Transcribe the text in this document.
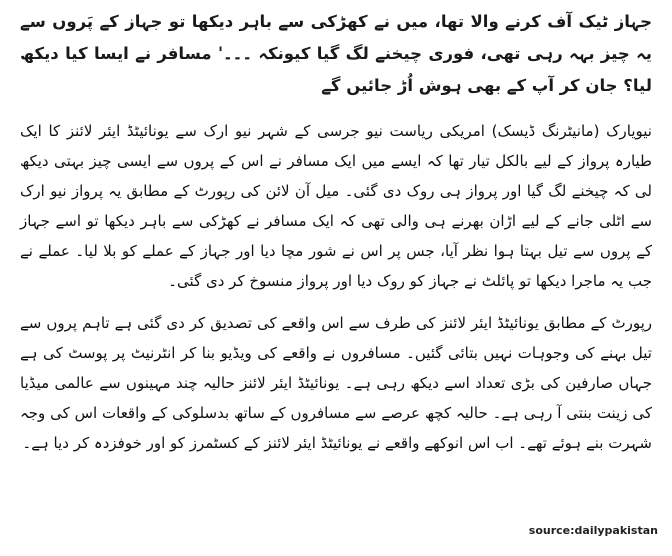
جہاز ٹیک آف کرنے والا تھا، میں نے کھڑکی سے باہر دیکھا تو جہاز کے پَروں سے یہ چیز بہہ رہی تھی، فوری چیخنے لگ گیا کیونکہ ۔۔۔' مسافر نے ایسا کیا دیکھ لیا؟ جان کر آپ کے بھی ہوش اُڑ جائیں گے

نیویارک (مانیٹرنگ ڈیسک) امریکی ریاست نیو جرسی کے شہر نیو ارک سے یونائیٹڈ ایئر لائنز کا ایک طیارہ پرواز کے لیے بالکل تیار تھا کہ ایسے میں ایک مسافر نے اس کے پروں سے ایسی چیز بہتی دیکھ لی کہ چیخنے لگ گیا اور پرواز ہی روک دی گئی۔ میل آن لائن کی رپورٹ کے مطابق یہ پرواز نیو ارک سے اٹلی جانے کے لیے اڑان بھرنے ہی والی تھی کہ ایک مسافر نے کھڑکی سے باہر دیکھا تو اسے جہاز کے پروں سے تیل بہتا ہوا نظر آیا، جس پر اس نے شور مچا دیا اور جہاز کے عملے کو بلا لیا۔ عملے نے جب یہ ماجرا دیکھا تو پائلٹ نے جہاز کو روک دیا اور پرواز منسوخ کر دی گئی۔

رپورٹ کے مطابق یونائیٹڈ ایئر لائنز کی طرف سے اس واقعے کی تصدیق کر دی گئی ہے تاہم پروں سے تیل بہنے کی وجوہات نہیں بتائی گئیں۔ مسافروں نے واقعے کی ویڈیو بنا کر انٹرنیٹ پر پوسٹ کی ہے جہاں صارفین کی بڑی تعداد اسے دیکھ رہی ہے۔ یونائیٹڈ ایئر لائنز حالیہ چند مہینوں سے عالمی میڈیا کی زینت بنتی آ رہی ہے۔ حالیہ کچھ عرصے سے مسافروں کے ساتھ بدسلوکی کے واقعات اس کی وجہ شہرت بنے ہوئے تھے۔ اب اس انوکھے واقعے نے یونائیٹڈ ایئر لائنز کے کسٹمرز کو اور خوفزدہ کر دیا ہے۔

source:dailypakistan
